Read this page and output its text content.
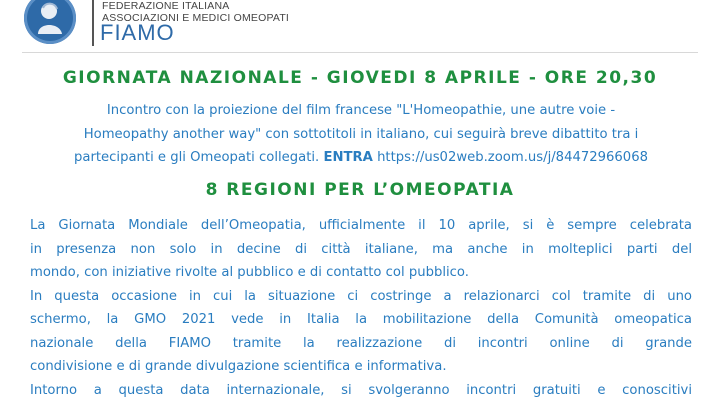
FEDERAZIONE ITALIANA
ASSOCIAZIONI E MEDICI OMEOPATI
FIAMO
GIORNATA NAZIONALE - GIOVEDI 8 APRILE - ORE 20,30
Incontro con la proiezione del film francese "L'Homeopathie, une autre voie -
Homeopathy another way" con sottotitoli in italiano, cui seguirà breve dibattito tra i
partecipanti e gli Omeopati collegati. ENTRA https://us02web.zoom.us/j/84472966068
8 REGIONI PER L’OMEOPATIA
La Giornata Mondiale dell’Omeopatia, ufficialmente il 10 aprile, si è sempre celebrata
in presenza non solo in decine di città italiane, ma anche in molteplici parti del
mondo, con iniziative rivolte al pubblico e di contatto col pubblico.
In questa occasione in cui la situazione ci costringe a relazionarci col tramite di uno
schermo, la GMO 2021 vede in Italia la mobilitazione della Comunità omeopatica
nazionale della FIAMO tramite la realizzazione di incontri online di grande
condivisione e di grande divulgazione scientifica e informativa.
Intorno a questa data internazionale, si svolgeranno incontri gratuiti e conoscitivi
